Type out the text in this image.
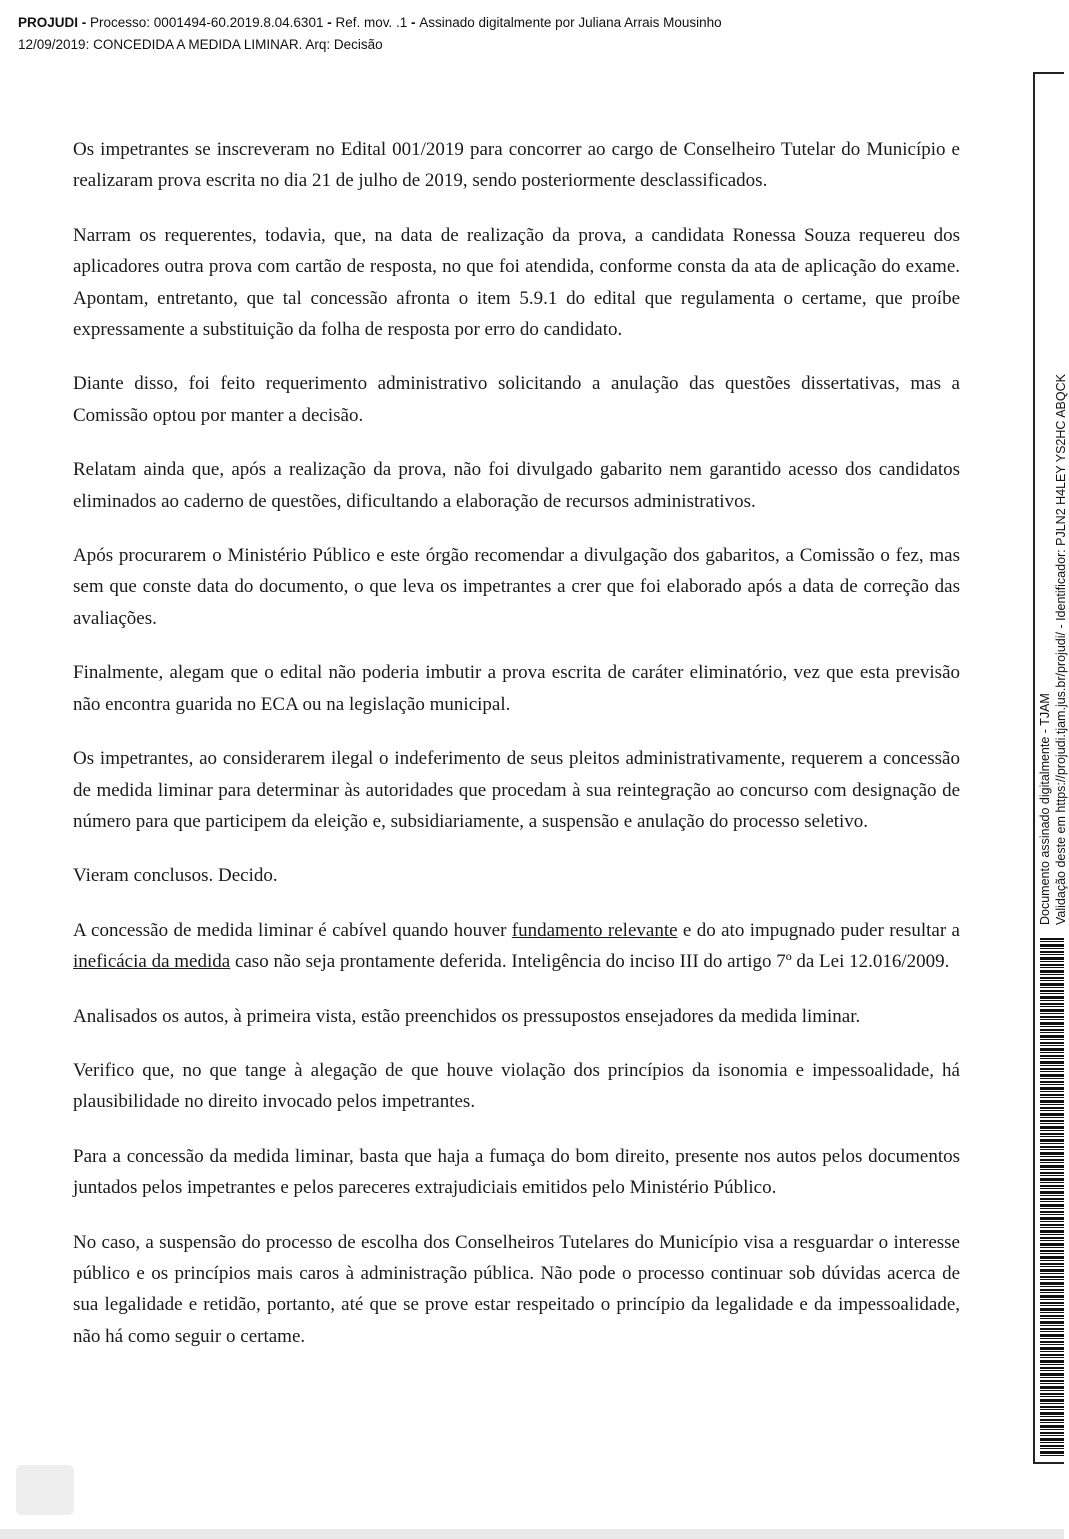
PROJUDI - Processo: 0001494-60.2019.8.04.6301 - Ref. mov. .1 - Assinado digitalmente por Juliana Arrais Mousinho
12/09/2019: CONCEDIDA A MEDIDA LIMINAR. Arq: Decisão

Os impetrantes se inscreveram no Edital 001/2019 para concorrer ao cargo de Conselheiro Tutelar do Município e realizaram prova escrita no dia 21 de julho de 2019, sendo posteriormente desclassificados.

Narram os requerentes, todavia, que, na data de realização da prova, a candidata Ronessa Souza requereu dos aplicadores outra prova com cartão de resposta, no que foi atendida, conforme consta da ata de aplicação do exame. Apontam, entretanto, que tal concessão afronta o item 5.9.1 do edital que regulamenta o certame, que proíbe expressamente a substituição da folha de resposta por erro do candidato.

Diante disso, foi feito requerimento administrativo solicitando a anulação das questões dissertativas, mas a Comissão optou por manter a decisão.

Relatam ainda que, após a realização da prova, não foi divulgado gabarito nem garantido acesso dos candidatos eliminados ao caderno de questões, dificultando a elaboração de recursos administrativos.

Após procurarem o Ministério Público e este órgão recomendar a divulgação dos gabaritos, a Comissão o fez, mas sem que conste data do documento, o que leva os impetrantes a crer que foi elaborado após a data de correção das avaliações.

Finalmente, alegam que o edital não poderia imbutir a prova escrita de caráter eliminatório, vez que esta previsão não encontra guarida no ECA ou na legislação municipal.

Os impetrantes, ao considerarem ilegal o indeferimento de seus pleitos administrativamente, requerem a concessão de medida liminar para determinar às autoridades que procedam à sua reintegração ao concurso com designação de número para que participem da eleição e, subsidiariamente, a suspensão e anulação do processo seletivo.

Vieram conclusos. Decido.

A concessão de medida liminar é cabível quando houver fundamento relevante e do ato impugnado puder resultar a ineficácia da medida caso não seja prontamente deferida. Inteligência do inciso III do artigo 7º da Lei 12.016/2009.

Analisados os autos, à primeira vista, estão preenchidos os pressupostos ensejadores da medida liminar.

Verifico que, no que tange à alegação de que houve violação dos princípios da isonomia e impessoalidade, há plausibilidade no direito invocado pelos impetrantes.

Para a concessão da medida liminar, basta que haja a fumaça do bom direito, presente nos autos pelos documentos juntados pelos impetrantes e pelos pareceres extrajudiciais emitidos pelo Ministério Público.

No caso, a suspensão do processo de escolha dos Conselheiros Tutelares do Município visa a resguardar o interesse público e os princípios mais caros à administração pública. Não pode o processo continuar sob dúvidas acerca de sua legalidade e retidão, portanto, até que se prove estar respeitado o princípio da legalidade e da impessoalidade, não há como seguir o certame.

Documento assinado digitalmente - TJAM Validação deste em https://projudi.tjam.jus.br/projudi/ - Identificador: PJLN2 H4LEY YS2HC ABQCK
